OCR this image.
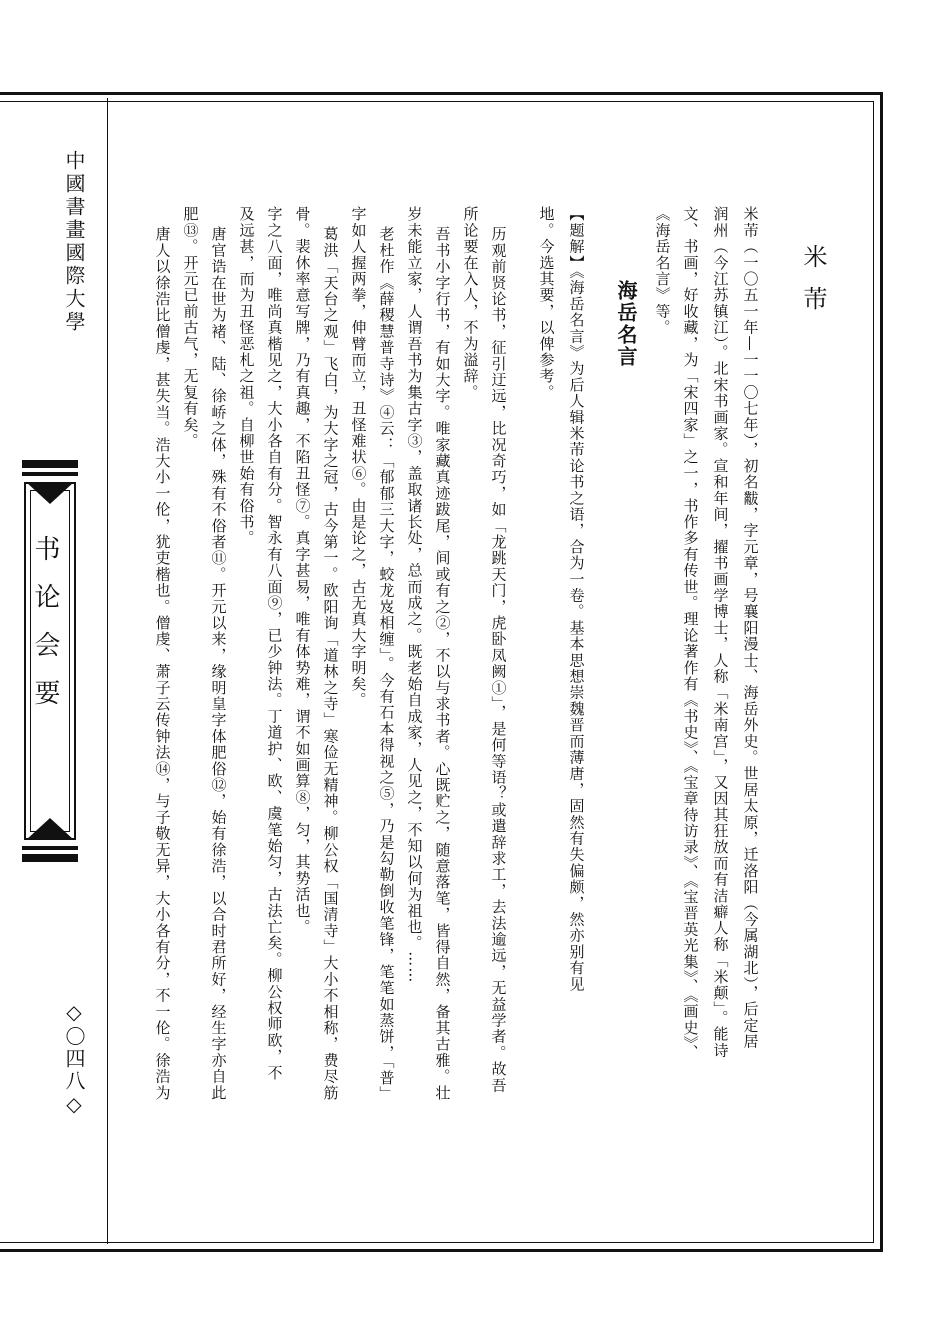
中國書畫國際大學
书论会要
◇〇四八◇
米芾
米芾（一〇五一年—一一〇七年），初名黻，字元章，号襄阳漫士、海岳外史。世居太原，迁洛阳（今属湖北），后定居
润州（今江苏镇江）。北宋书画家。宣和年间，擢书画学博士，人称「米南宫」，又因其狂放而有洁癖人称「米颠」。能诗
文、书画，好收藏，为「宋四家」之一，书作多有传世。理论著作有《书史》、《宝章待访录》、《宝晋英光集》、《画史》、
《海岳名言》等。
海岳名言
【题解】《海岳名言》为后人辑米芾论书之语，合为一卷。基本思想崇魏晋而薄唐，固然有失偏颇，然亦别有见
地。今选其要，以俾参考。
历观前贤论书，征引迂远，比况奇巧，如「龙跳天门，虎卧凤阙①」，是何等语？或遣辞求工，去法逾远，无益学者。故吾
所论要在入人，不为溢辞。
吾书小字行书，有如大字。唯家藏真迹跋尾，间或有之②，不以与求书者。心既贮之，随意落笔，皆得自然，备其古雅。壮
岁未能立家，人谓吾书为集古字③，盖取诸长处，总而成之。既老始自成家，人见之，不知以何为祖也。……
老杜作《薛稷慧普寺诗》④云：「郁郁三大字，蛟龙岌相缠」。今有石本得视之⑤，乃是勾勒倒收笔锋，笔笔如蒸饼，「普」
字如人握两拳，伸臂而立，丑怪难状⑥。由是论之，古无真大字明矣。
葛洪「天台之观」飞白，为大字之冠，古今第一。欧阳询「道林之寺」寒俭无精神。柳公权「国清寺」大小不相称，费尽筋
骨。裴休率意写牌，乃有真趣，不陷丑怪⑦。真字甚易，唯有体势难，谓不如画算⑧，匀，其势活也。
字之八面，唯尚真楷见之，大小各自有分。智永有八面⑨，已少钟法。丁道护、欧、虞笔始匀，古法亡矣。柳公权师欧，不
及远甚，而为丑怪恶札之祖。自柳世始有俗书。
唐官诰在世为褚、陆、徐峤之体，殊有不俗者⑪。开元以来，缘明皇字体肥俗⑫，始有徐浩，以合时君所好，经生字亦自此
肥⑬。开元已前古气，无复有矣。
唐人以徐浩比僧虔，甚失当。浩大小一伦，犹吏楷也。僧虔、萧子云传钟法⑭，与子敬无异，大小各有分，不一伦。徐浩为
